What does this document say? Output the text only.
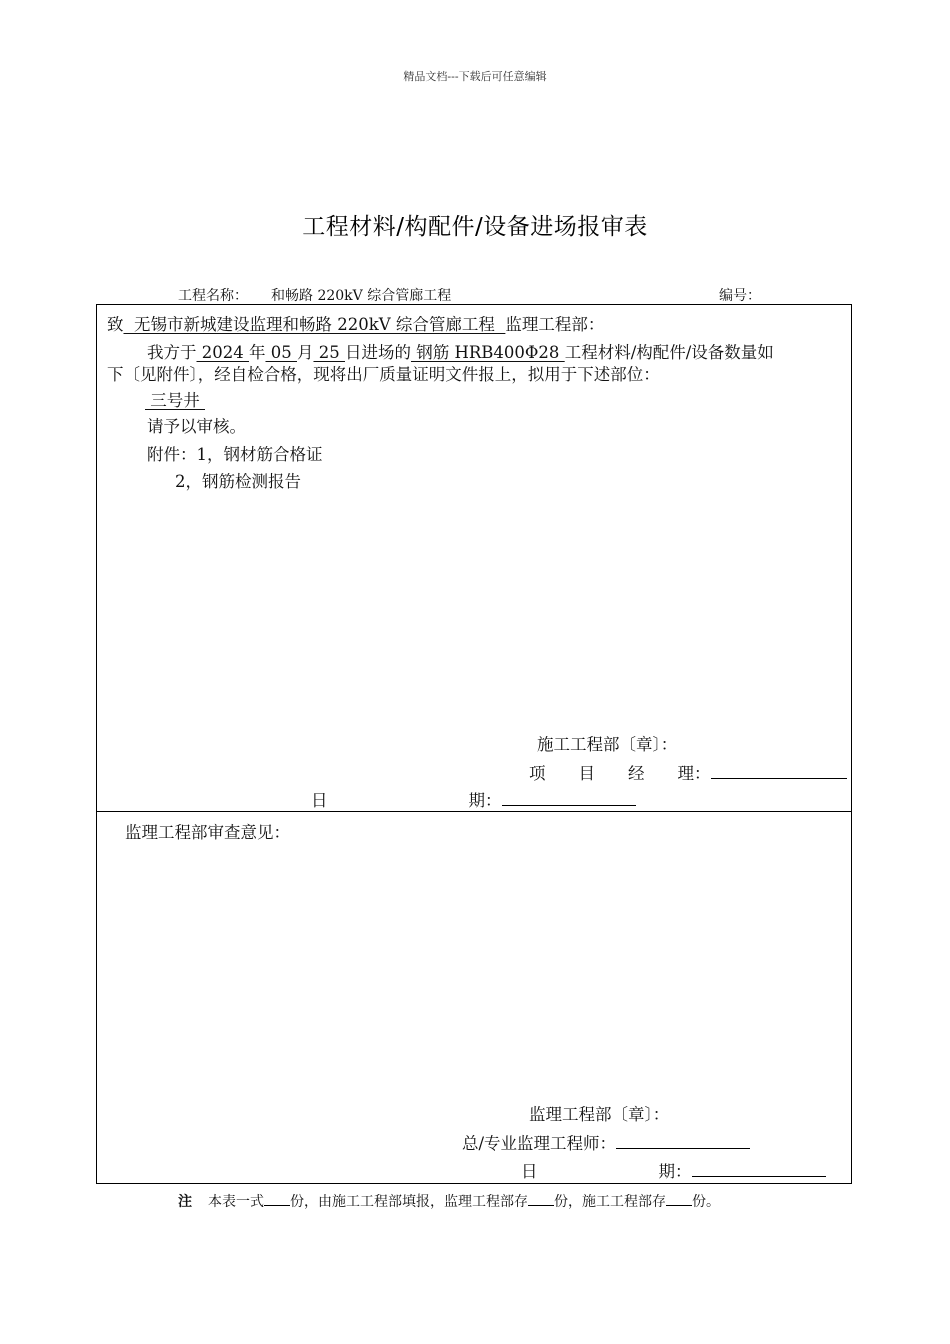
精品文档---下载后可任意编辑
工程材料/构配件/设备进场报审表
工程名称： 和畅路 220kV 综合管廊工程	编号：
致  无锡市新城建设监理和畅路 220kV 综合管廊工程  监理工程部：
我方于 2024 年 05 月 25 日进场的 钢筋 HRB400Φ28 工程材料/构配件/设备数量如
下〔见附件〕，经自检合格，现将出厂质量证明文件报上，拟用于下述部位：
三号井
请予以审核。
附件：1，钢材筋合格证
2，钢筋检测报告
施工工程部〔章〕：
项　　目　　经　　理：
日	期：
监理工程部审查意见：
监理工程部〔章〕：
总/专业监理工程师：
日	期：
注 本表一式 份，由施工工程部填报，监理工程部存 份，施工工程部存 份。
